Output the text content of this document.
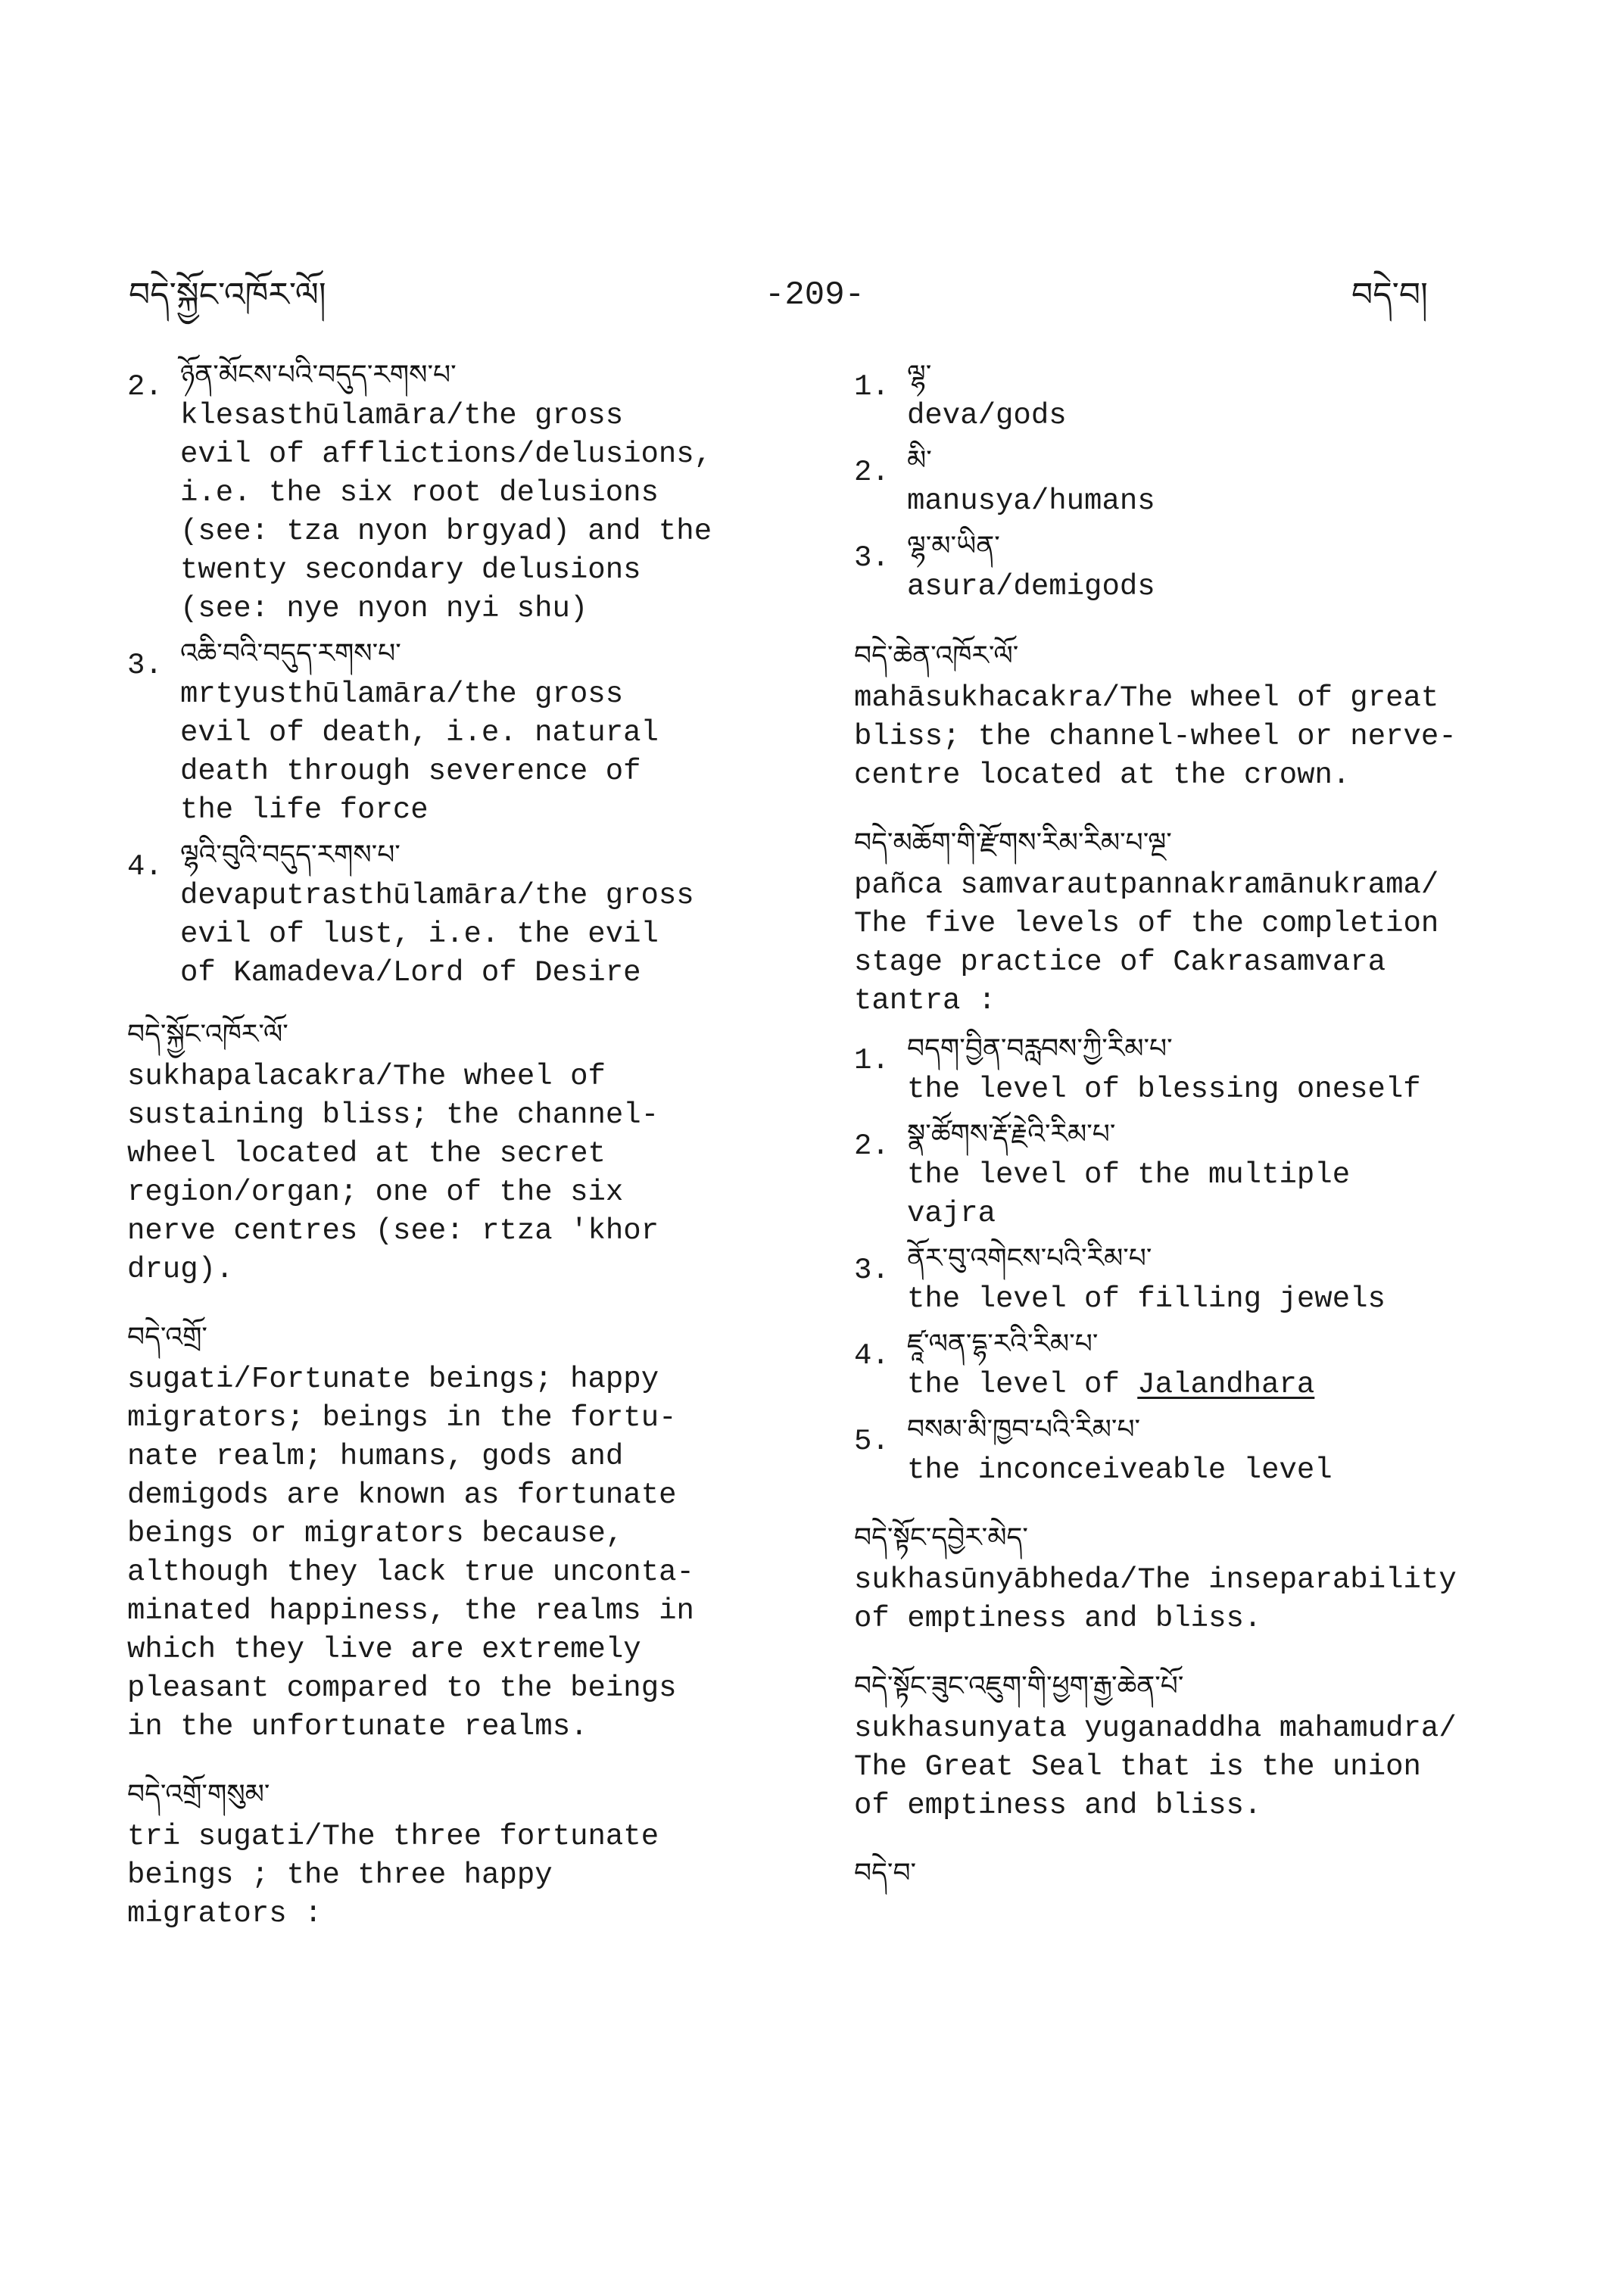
བདེ་སྐྱོང་འཁོར་ལོ།	-209-	བདེ་བ།
2. ཉོན་མོངས་པའི་བདུད་རགས་པ་
klesasthūlamāra/the gross
evil of afflictions/delusions,
i.e. the six root delusions
(see: tza nyon brgyad) and the
twenty secondary delusions
(see: nye nyon nyi shu)
3. འཆི་བའི་བདུད་རགས་པ་
mrtyusthūlamāra/the gross
evil of death, i.e. natural
death through severence of
the life force
4. ལྷའི་བུའི་བདུད་རགས་པ་
devaputrasthūlamāra/the gross
evil of lust, i.e. the evil
of Kamadeva/Lord of Desire
བདེ་སྐྱོང་འཁོར་ལོ་
sukhapalacakra/The wheel of
sustaining bliss; the channel-
wheel located at the secret
region/organ; one of the six
nerve centres (see: rtza 'khor
drug).
བདེ་འགྲོ་
sugati/Fortunate beings; happy
migrators; beings in the fortu-
nate realm; humans, gods and
demigods are known as fortunate
beings or migrators because,
although they lack true unconta-
minated happiness, the realms in
which they live are extremely
pleasant compared to the beings
in the unfortunate realms.
བདེ་འགྲོ་གསུམ་
tri sugati/The three fortunate
beings ; the three happy
migrators :
1. ལྷ་
deva/gods
2. མི་
manusya/humans
3. ལྷ་མ་ཡིན་
asura/demigods
བདེ་ཆེན་འཁོར་ལོ་
mahāsukhacakra/The wheel of great
bliss; the channel-wheel or nerve-
centre located at the crown.
བདེ་མཆོག་གི་རྫོགས་རིམ་རིམ་པ་ལྔ་
pañca samvarautpannakramānukrama/
The five levels of the completion
stage practice of Cakrasamvara
tantra :
1. བདག་བྱིན་བརླབས་ཀྱི་རིམ་པ་
the level of blessing oneself
2. སྣ་ཚོགས་རྡོ་རྗེའི་རིམ་པ་
the level of the multiple
vajra
3. ནོར་བུ་འགེངས་པའི་རིམ་པ་
the level of filling jewels
4. ཛཱ་ལན་དྷ་རའི་རིམ་པ་
the level of Jalandhara
5. བསམ་མི་ཁྱབ་པའི་རིམ་པ་
the inconceiveable level
བདེ་སྟོང་དབྱེར་མེད་
sukhasūnyābheda/The inseparability
of emptiness and bliss.
བདེ་སྟོང་ཟུང་འཇུག་གི་ཕྱག་རྒྱ་ཆེན་པོ་
sukhasunyata yuganaddha mahamudra/
The Great Seal that is the union
of emptiness and bliss.
བདེ་བ་
